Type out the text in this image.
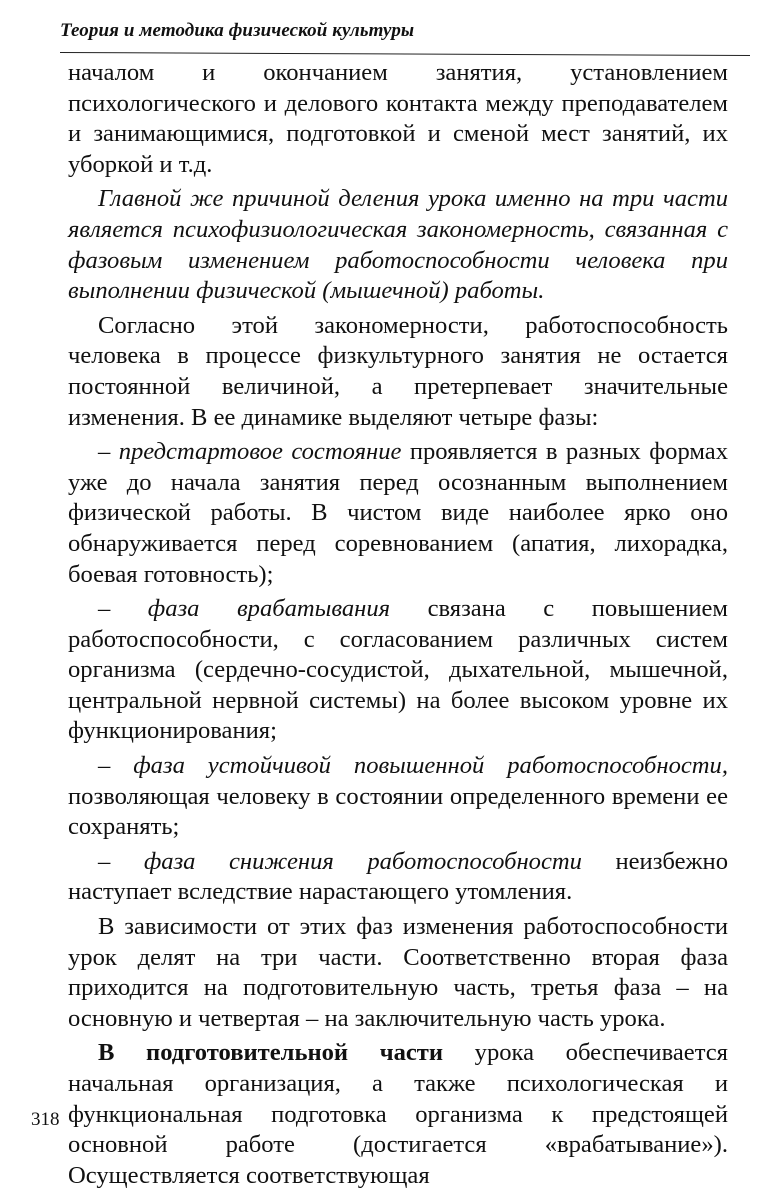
Теория и методика физической культуры

началом и окончанием занятия, установлением психологического и делового контакта между преподавателем и занимающимися, подготовкой и сменой мест занятий, их уборкой и т.д.

Главной же причиной деления урока именно на три части является психофизиологическая закономерность, связанная с фазовым изменением работоспособности человека при выполнении физической (мышечной) работы.

Согласно этой закономерности, работоспособность человека в процессе физкультурного занятия не остается постоянной величиной, а претерпевает значительные изменения. В ее динамике выделяют четыре фазы:

– предстартовое состояние проявляется в разных формах уже до начала занятия перед осознанным выполнением физической работы. В чистом виде наиболее ярко оно обнаруживается перед соревнованием (апатия, лихорадка, боевая готовность);

– фаза врабатывания связана с повышением работоспособности, с согласованием различных систем организма (сердечно-сосудистой, дыхательной, мышечной, центральной нервной системы) на более высоком уровне их функционирования;

– фаза устойчивой повышенной работоспособности, позволяющая человеку в состоянии определенного времени ее сохранять;

– фаза снижения работоспособности неизбежно наступает вследствие нарастающего утомления.

В зависимости от этих фаз изменения работоспособности урок делят на три части. Соответственно вторая фаза приходится на подготовительную часть, третья фаза – на основную и четвертая – на заключительную часть урока.

В подготовительной части урока обеспечивается начальная организация, а также психологическая и функциональная подготовка организма к предстоящей основной работе (достигается «врабатывание»). Осуществляется соответствующая

318
